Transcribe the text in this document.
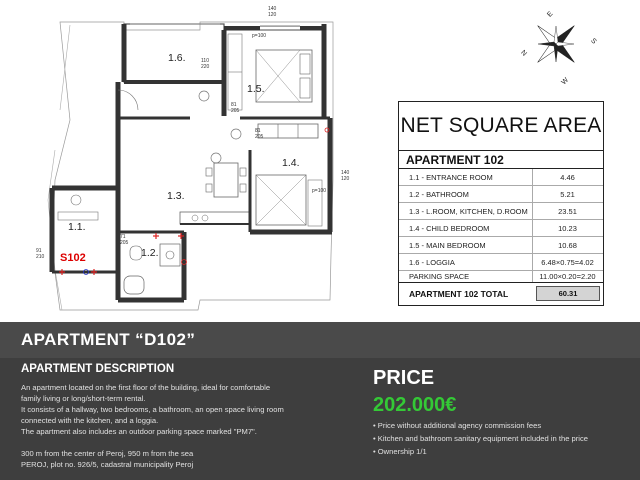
1.6.
1.5.
1.4.
1.3.
1.1.
1.2.
S102
140
120
110
220
81
205
81
205
140
120
71
205
91
210
p=100
p=100
E
S
W
N
NET SQUARE AREA
APARTMENT 102
1.1 - ENTRANCE ROOM	4.46
1.2 - BATHROOM	5.21
1.3 - L.ROOM, KITCHEN, D.ROOM	23.51
1.4 - CHILD BEDROOM	10.23
1.5 - MAIN BEDROOM	10.68
1.6 - LOGGIA	6.48×0.75=4.02
PARKING SPACE	11.00×0.20=2.20
APARTMENT 102 TOTAL	60.31
APARTMENT “D102”
APARTMENT DESCRIPTION
An apartment located on the first floor of the building, ideal for comfortable
family living or long/short-term rental.
It consists of a hallway, two bedrooms, a bathroom, an open space living room
connected with the kitchen, and a loggia.
The apartment also includes an outdoor parking space marked "PM7".
300 m from the center of Peroj, 950 m from the sea
PEROJ, plot no. 926/5, cadastral municipality Peroj
PRICE
202.000€
• Price without additional agency commission fees
• Kitchen and bathroom sanitary equipment included in the price
• Ownership 1/1
